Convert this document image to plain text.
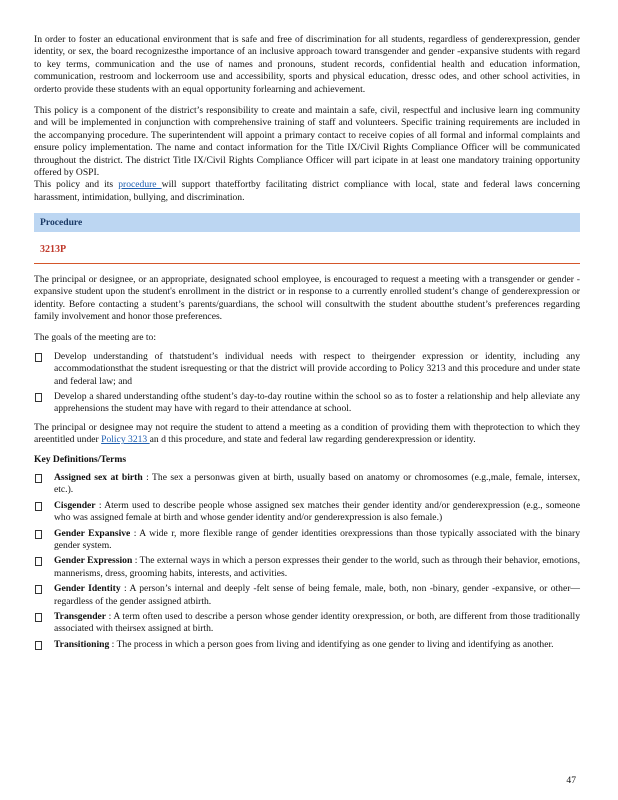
In order to foster an educational environment that is safe and free of discrimination for all students, regardless of genderexpression, gender identity, or sex, the board recognizesthe importance of an inclusive approach toward transgender and gender -expansive students with regard to key terms, communication and the use of names and pronouns, student records, confidential health and education information, communication, restroom and lockerroom use and accessibility, sports and physical education, dressc odes, and other school activities, in orderto provide these students with an equal opportunity forlearning and achievement.

This policy is a component of the district’s responsibility to create and maintain a safe, civil, respectful and inclusive learn ing community and will be implemented in conjunction with comprehensive training of staff and volunteers. Specific training requirements are included in the accompanying procedure. The superintendent will appoint a primary contact to receive copies of all formal and informal complaints and ensure policy implementation. The name and contact information for the Title IX/Civil Rights Compliance Officer will be communicated throughout the district. The district Title IX/Civil Rights Compliance Officer will part icipate in at least one mandatory training opportunity offered by OSPI.

This policy and its procedure will support thateffortby facilitating district compliance with local, state and federal laws concerning harassment, intimidation, bullying, and discrimination.

Procedure
3213P

The principal or designee, or an appropriate, designated school employee, is encouraged to request a meeting with a transgender or gender -expansive student upon the student's enrollment in the district or in response to a currently enrolled student’s change of genderexpression or identity. Before contacting a student’s parents/guardians, the school will consultwith the student aboutthe student’s preferences regarding family involvement and honor those preferences.

The goals of the meeting are to:

Develop understanding of thatstudent’s individual needs with respect to theirgender expression or identity, including any accommodationsthat the student isrequesting or that the district will provide according to Policy 3213 and this procedure and under state and federal law; and
Develop a shared understanding ofthe student’s day-to-day routine within the school so as to foster a relationship and help alleviate any apprehensions the student may have with regard to their attendance at school.

The principal or designee may not require the student to attend a meeting as a condition of providing them with theprotection to which they areentitled under Policy 3213 an d this procedure, and state and federal law regarding genderexpression or identity.

Key Definitions/Terms
Assigned sex at birth : The sex a personwas given at birth, usually based on anatomy or chromosomes (e.g.,male, female, intersex, etc.).
Cisgender : Aterm used to describe people whose assigned sex matches their gender identity and/or genderexpression (e.g., someone who was assigned female at birth and whose gender identity and/or genderexpression is also female.)
Gender Expansive : A wide r, more flexible range of gender identities orexpressions than those typically associated with the binary gender system.
Gender Expression : The external ways in which a person expresses their gender to the world, such as through their behavior, emotions, mannerisms, dress, grooming habits, interests, and activities.
Gender Identity : A person’s internal and deeply -felt sense of being female, male, both, non -binary, gender -expansive, or other—regardless of the gender assigned atbirth.
Transgender : A term often used to describe a person whose gender identity orexpression, or both, are different from those traditionally associated with theirsex assigned at birth.
Transitioning : The process in which a person goes from living and identifying as one gender to living and identifying as another.
47
